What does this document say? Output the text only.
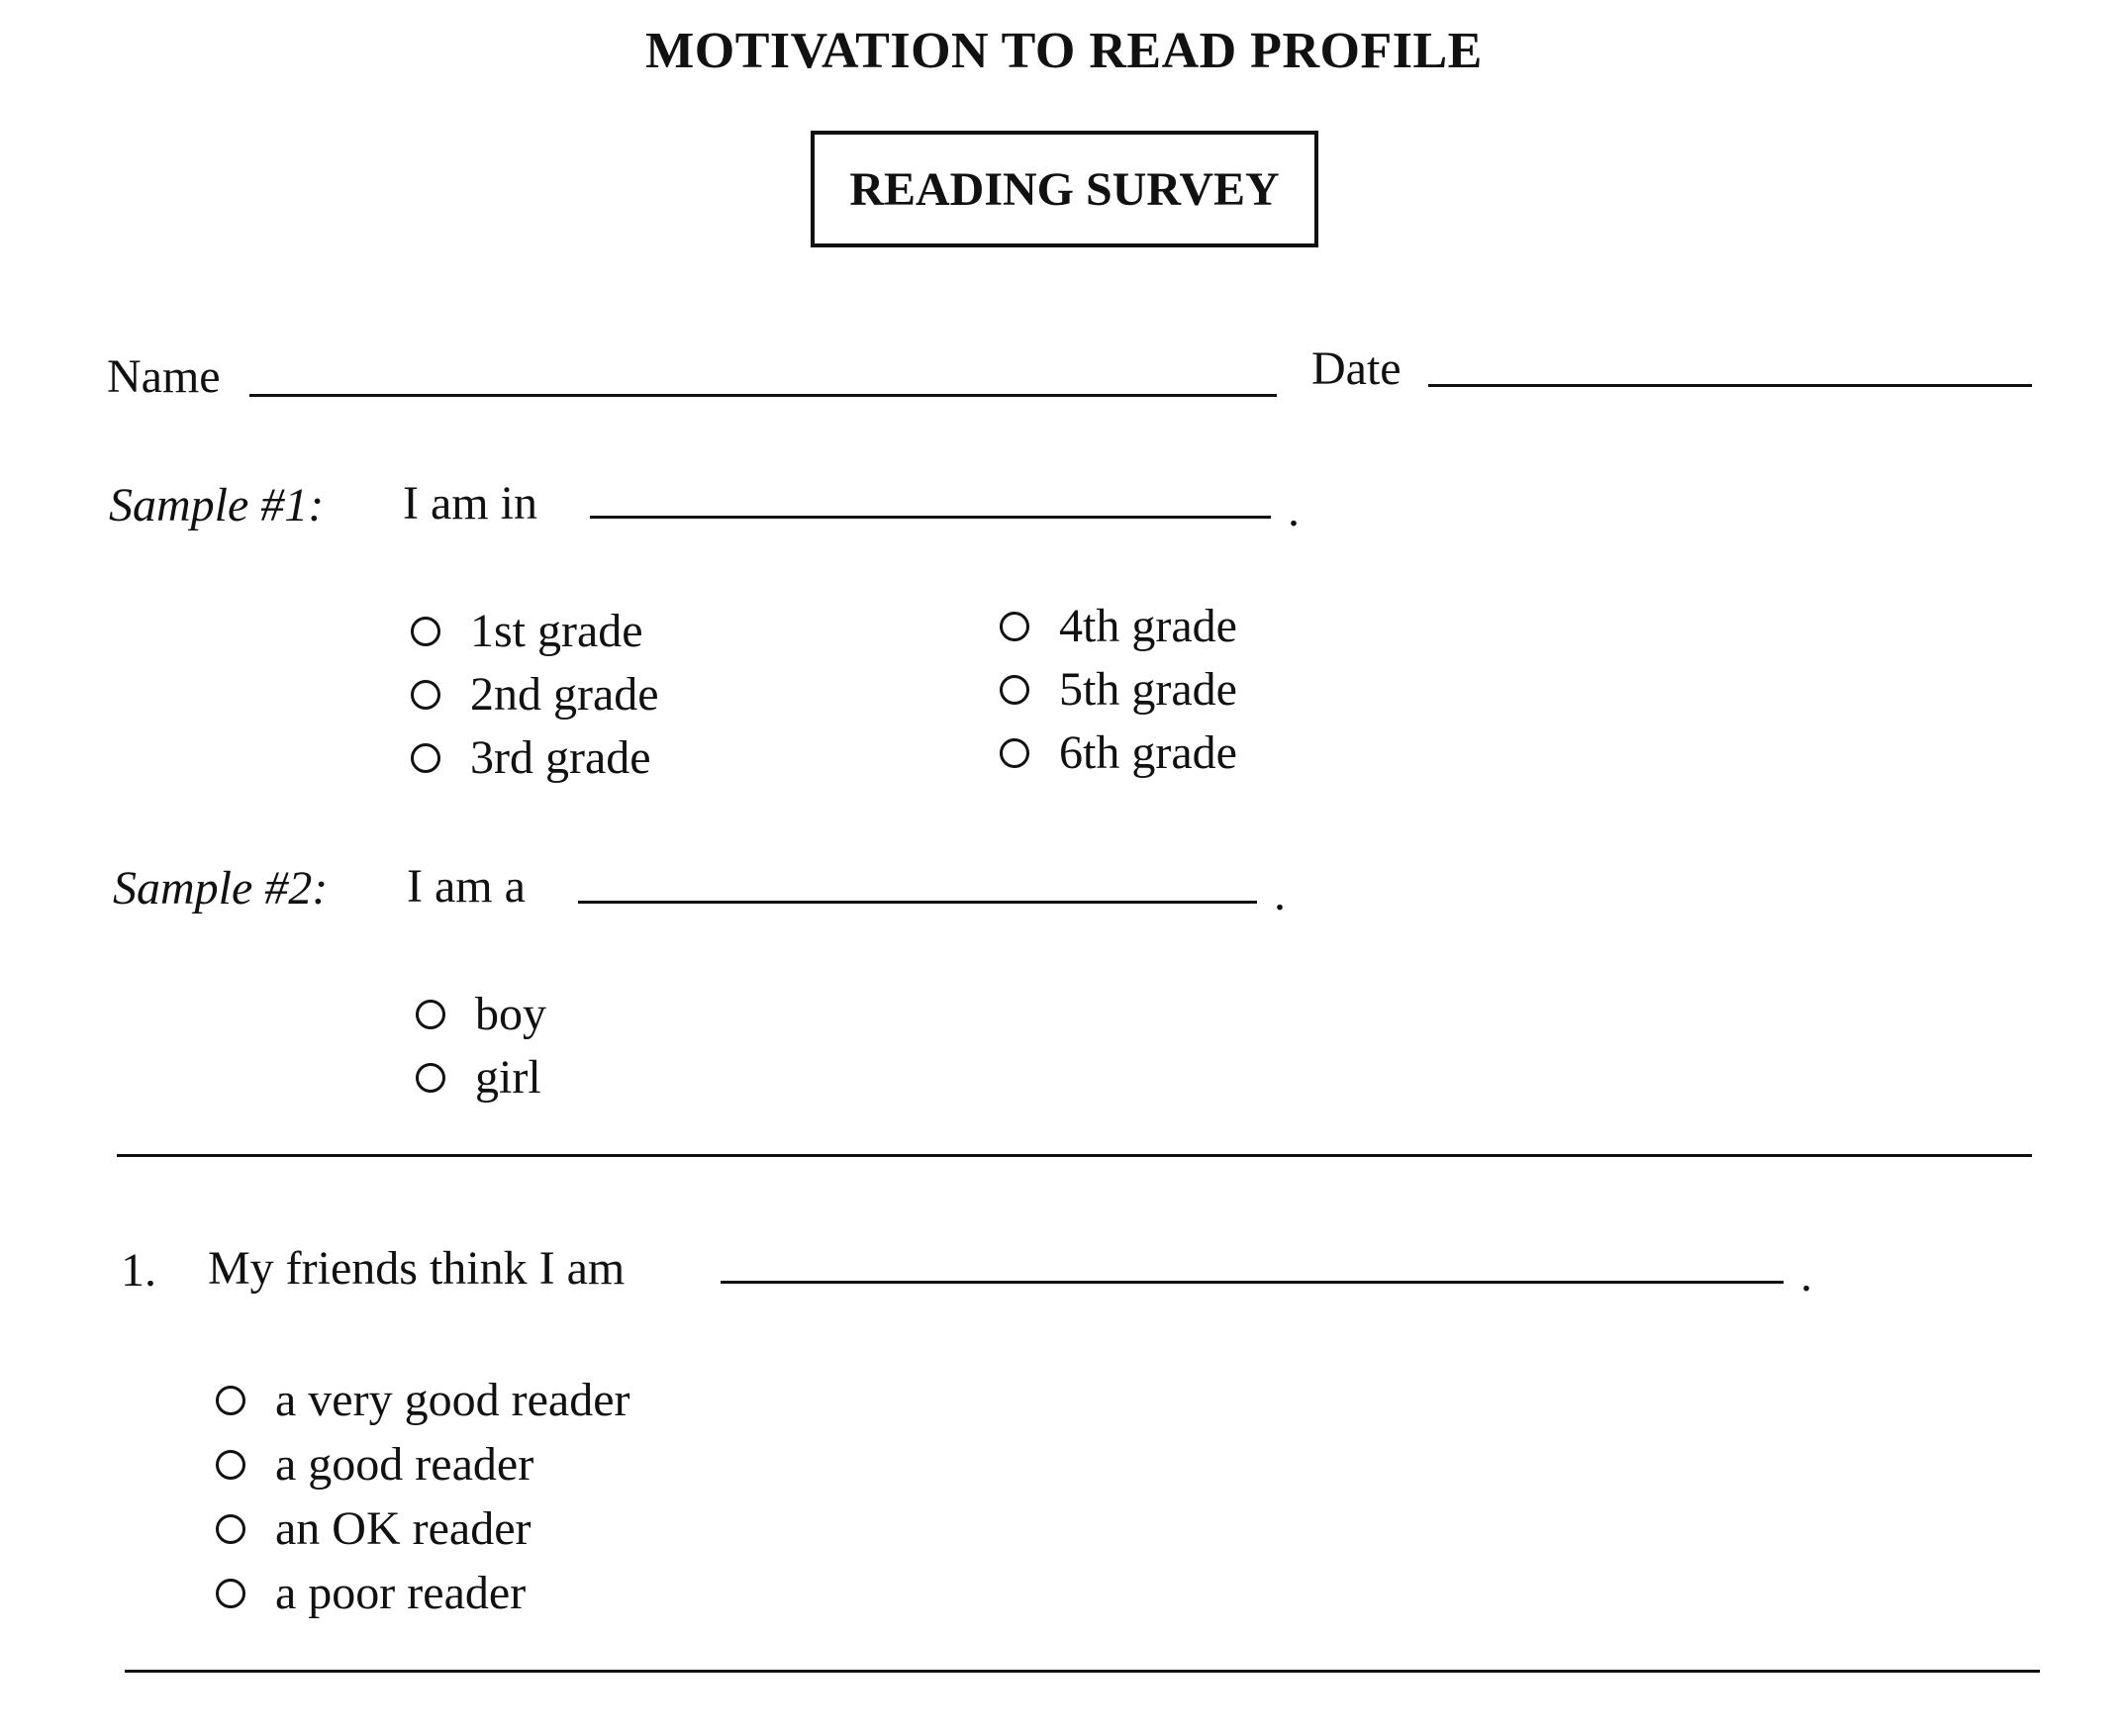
MOTIVATION TO READ PROFILE
READING SURVEY
Name	Date
Sample #1: I am in	.
1st grade
2nd grade
3rd grade
4th grade
5th grade
6th grade
Sample #2: I am a	.
boy
girl
1. My friends think I am	.
a very good reader
a good reader
an OK reader
a poor reader
